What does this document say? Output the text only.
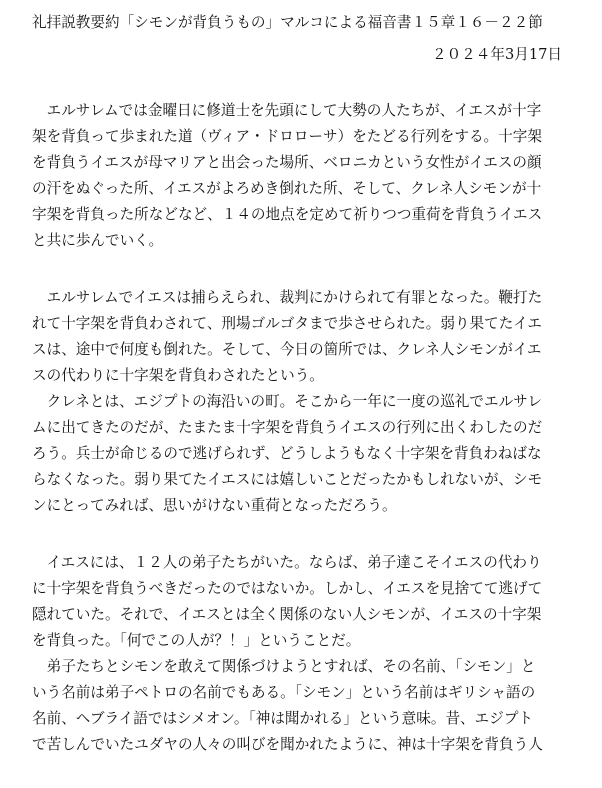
礼拝説教要約「シモンが背負うもの」マルコによる福音書１５章１６－２２節
２０２４年3月17日
　エルサレムでは金曜日に修道士を先頭にして大勢の人たちが、イエスが十字
架を背負って歩まれた道（ヴィア・ドロローサ）をたどる行列をする。十字架
を背負うイエスが母マリアと出会った場所、ベロニカという女性がイエスの顔
の汗をぬぐった所、イエスがよろめき倒れた所、そして、クレネ人シモンが十
字架を背負った所などなど、１４の地点を定めて祈りつつ重荷を背負うイエス
と共に歩んでいく。
　エルサレムでイエスは捕らえられ、裁判にかけられて有罪となった。鞭打た
れて十字架を背負わされて、刑場ゴルゴタまで歩させられた。弱り果てたイエ
スは、途中で何度も倒れた。そして、今日の箇所では、クレネ人シモンがイエ
スの代わりに十字架を背負わされたという。
　クレネとは、エジプトの海沿いの町。そこから一年に一度の巡礼でエルサレ
ムに出てきたのだが、たまたま十字架を背負うイエスの行列に出くわしたのだ
ろう。兵士が命じるので逃げられず、どうしようもなく十字架を背負わねばな
らなくなった。弱り果てたイエスには嬉しいことだったかもしれないが、シモ
ンにとってみれば、思いがけない重荷となっただろう。
　イエスには、１２人の弟子たちがいた。ならば、弟子達こそイエスの代わり
に十字架を背負うべきだったのではないか。しかし、イエスを見捨てて逃げて
隠れていた。それで、イエスとは全く関係のない人シモンが、イエスの十字架
を背負った。「何でこの人が？！」ということだ。
　弟子たちとシモンを敢えて関係づけようとすれば、その名前、「シモン」と
いう名前は弟子ペトロの名前でもある。「シモン」という名前はギリシャ語の
名前、ヘブライ語ではシメオン。「神は聞かれる」という意味。昔、エジプト
で苦しんでいたユダヤの人々の叫びを聞かれたように、神は十字架を背負う人
